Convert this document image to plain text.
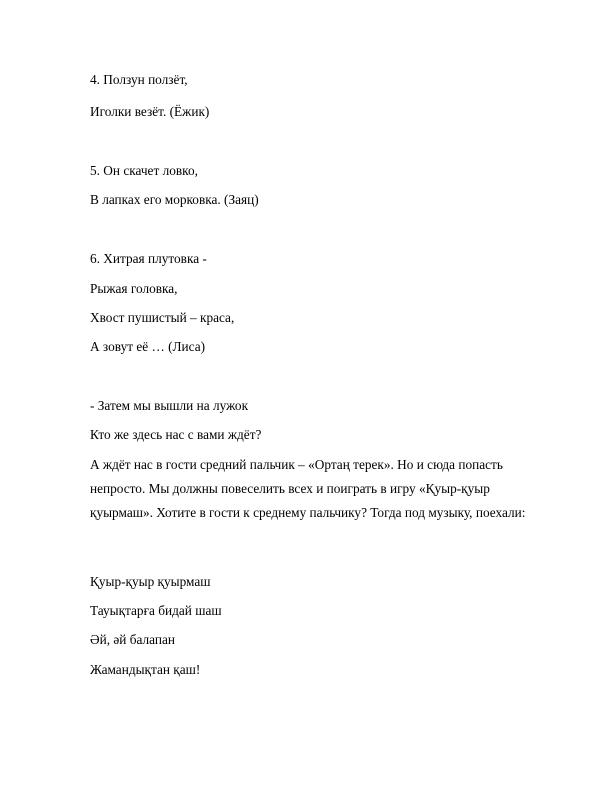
4. Ползун ползёт,
Иголки везёт. (Ёжик)
5. Он скачет ловко,
В лапках его морковка. (Заяц)
6. Хитрая плутовка -
Рыжая головка,
Хвост пушистый – краса,
А зовут её … (Лиса)
- Затем мы вышли на лужок
Кто же здесь нас с вами ждёт?
А ждёт нас в гости средний пальчик – «Ортаң терек». Но и сюда попасть непросто. Мы должны повеселить всех и поиграть в игру «Қуыр-қуыр қуырмаш». Хотите в гости к среднему пальчику? Тогда под музыку, поехали:
Қуыр-қуыр қуырмаш
Тауықтарға бидай шаш
Әй, әй балапан
Жамандықтан қаш!
